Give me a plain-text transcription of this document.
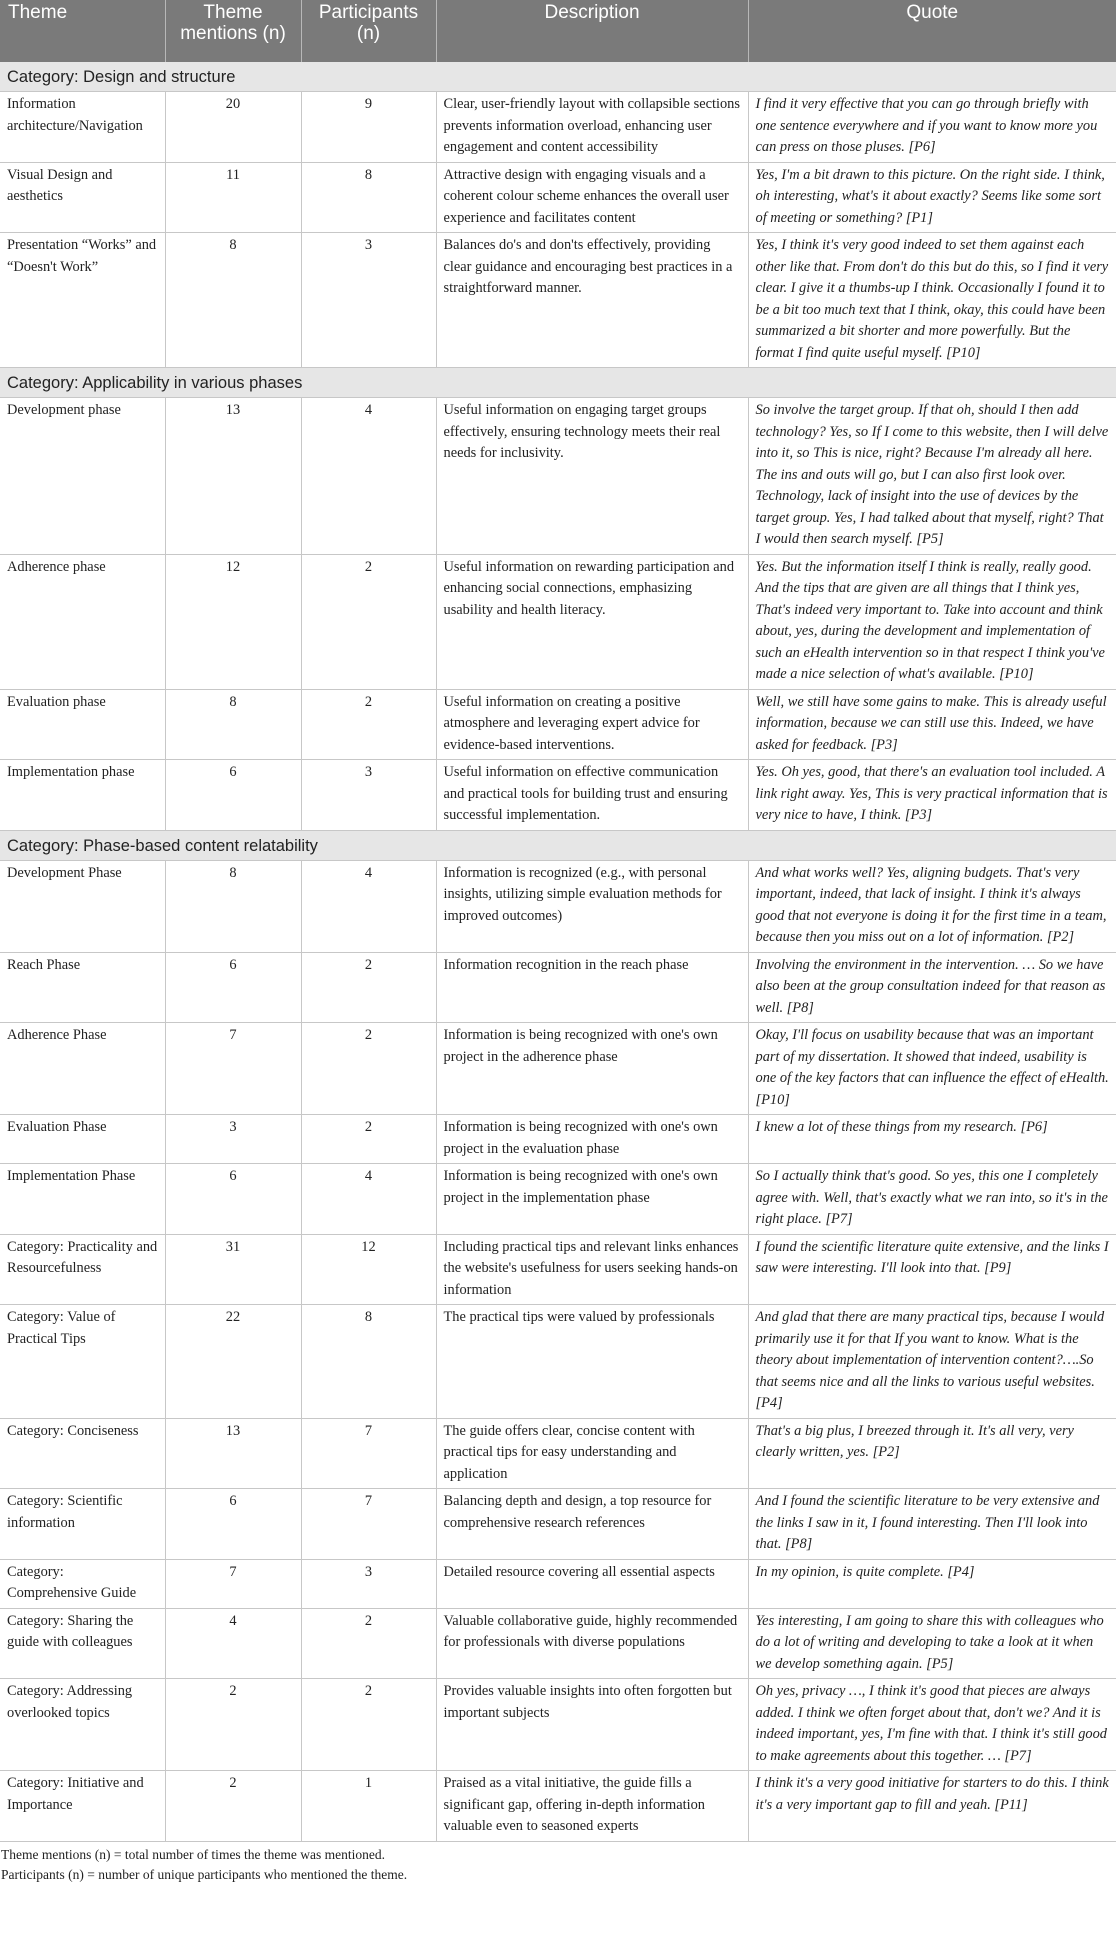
Theme	Theme mentions (n)	Participants (n)	Description	Quote
Category: Design and structure				
Information architecture/Navigation	20	9	Clear, user-friendly layout with collapsible sections prevents information overload, enhancing user engagement and content accessibility	I find it very effective that you can go through briefly with one sentence everywhere and if you want to know more you can press on those pluses. [P6]
Visual Design and aesthetics	11	8	Attractive design with engaging visuals and a coherent colour scheme enhances the overall user experience and facilitates content	Yes, I'm a bit drawn to this picture. On the right side. I think, oh interesting, what's it about exactly? Seems like some sort of meeting or something? [P1]
Presentation “Works” and “Doesn't Work”	8	3	Balances do's and don'ts effectively, providing clear guidance and encouraging best practices in a straightforward manner.	Yes, I think it's very good indeed to set them against each other like that. From don't do this but do this, so I find it very clear. I give it a thumbs-up I think. Occasionally I found it to be a bit too much text that I think, okay, this could have been summarized a bit shorter and more powerfully. But the format I find quite useful myself. [P10]
Category: Applicability in various phases				
Development phase	13	4	Useful information on engaging target groups effectively, ensuring technology meets their real needs for inclusivity.	So involve the target group. If that oh, should I then add technology? Yes, so If I come to this website, then I will delve into it, so This is nice, right? Because I'm already all here. The ins and outs will go, but I can also first look over. Technology, lack of insight into the use of devices by the target group. Yes, I had talked about that myself, right? That I would then search myself. [P5]
Adherence phase	12	2	Useful information on rewarding participation and enhancing social connections, emphasizing usability and health literacy.	Yes. But the information itself I think is really, really good. And the tips that are given are all things that I think yes, That's indeed very important to. Take into account and think about, yes, during the development and implementation of such an eHealth intervention so in that respect I think you've made a nice selection of what's available. [P10]
Evaluation phase	8	2	Useful information on creating a positive atmosphere and leveraging expert advice for evidence-based interventions.	Well, we still have some gains to make. This is already useful information, because we can still use this. Indeed, we have asked for feedback. [P3]
Implementation phase	6	3	Useful information on effective communication and practical tools for building trust and ensuring successful implementation.	Yes. Oh yes, good, that there's an evaluation tool included. A link right away. Yes, This is very practical information that is very nice to have, I think. [P3]
Category: Phase-based content relatability				
Development Phase	8	4	Information is recognized (e.g., with personal insights, utilizing simple evaluation methods for improved outcomes)	And what works well? Yes, aligning budgets. That's very important, indeed, that lack of insight. I think it's always good that not everyone is doing it for the first time in a team, because then you miss out on a lot of information. [P2]
Reach Phase	6	2	Information recognition in the reach phase	Involving the environment in the intervention. … So we have also been at the group consultation indeed for that reason as well. [P8]
Adherence Phase	7	2	Information is being recognized with one's own project in the adherence phase	Okay, I'll focus on usability because that was an important part of my dissertation. It showed that indeed, usability is one of the key factors that can influence the effect of eHealth. [P10]
Evaluation Phase	3	2	Information is being recognized with one's own project in the evaluation phase	I knew a lot of these things from my research. [P6]
Implementation Phase	6	4	Information is being recognized with one's own project in the implementation phase	So I actually think that's good. So yes, this one I completely agree with. Well, that's exactly what we ran into, so it's in the right place. [P7]
Category: Practicality and Resourcefulness	31	12	Including practical tips and relevant links enhances the website's usefulness for users seeking hands-on information	I found the scientific literature quite extensive, and the links I saw were interesting. I'll look into that. [P9]
Category: Value of Practical Tips	22	8	The practical tips were valued by professionals	And glad that there are many practical tips, because I would primarily use it for that If you want to know. What is the theory about implementation of intervention content?….So that seems nice and all the links to various useful websites. [P4]
Category: Conciseness	13	7	The guide offers clear, concise content with practical tips for easy understanding and application	That's a big plus, I breezed through it. It's all very, very clearly written, yes. [P2]
Category: Scientific information	6	7	Balancing depth and design, a top resource for comprehensive research references	And I found the scientific literature to be very extensive and the links I saw in it, I found interesting. Then I'll look into that. [P8]
Category: Comprehensive Guide	7	3	Detailed resource covering all essential aspects	In my opinion, is quite complete. [P4]
Category: Sharing the guide with colleagues	4	2	Valuable collaborative guide, highly recommended for professionals with diverse populations	Yes interesting, I am going to share this with colleagues who do a lot of writing and developing to take a look at it when we develop something again. [P5]
Category: Addressing overlooked topics	2	2	Provides valuable insights into often forgotten but important subjects	Oh yes, privacy …, I think it's good that pieces are always added. I think we often forget about that, don't we? And it is indeed important, yes, I'm fine with that. I think it's still good to make agreements about this together. … [P7]
Category: Initiative and Importance	2	1	Praised as a vital initiative, the guide fills a significant gap, offering in-depth information valuable even to seasoned experts	I think it's a very good initiative for starters to do this. I think it's a very important gap to fill and yeah. [P11]
Theme mentions (n) = total number of times the theme was mentioned.
Participants (n) = number of unique participants who mentioned the theme.
